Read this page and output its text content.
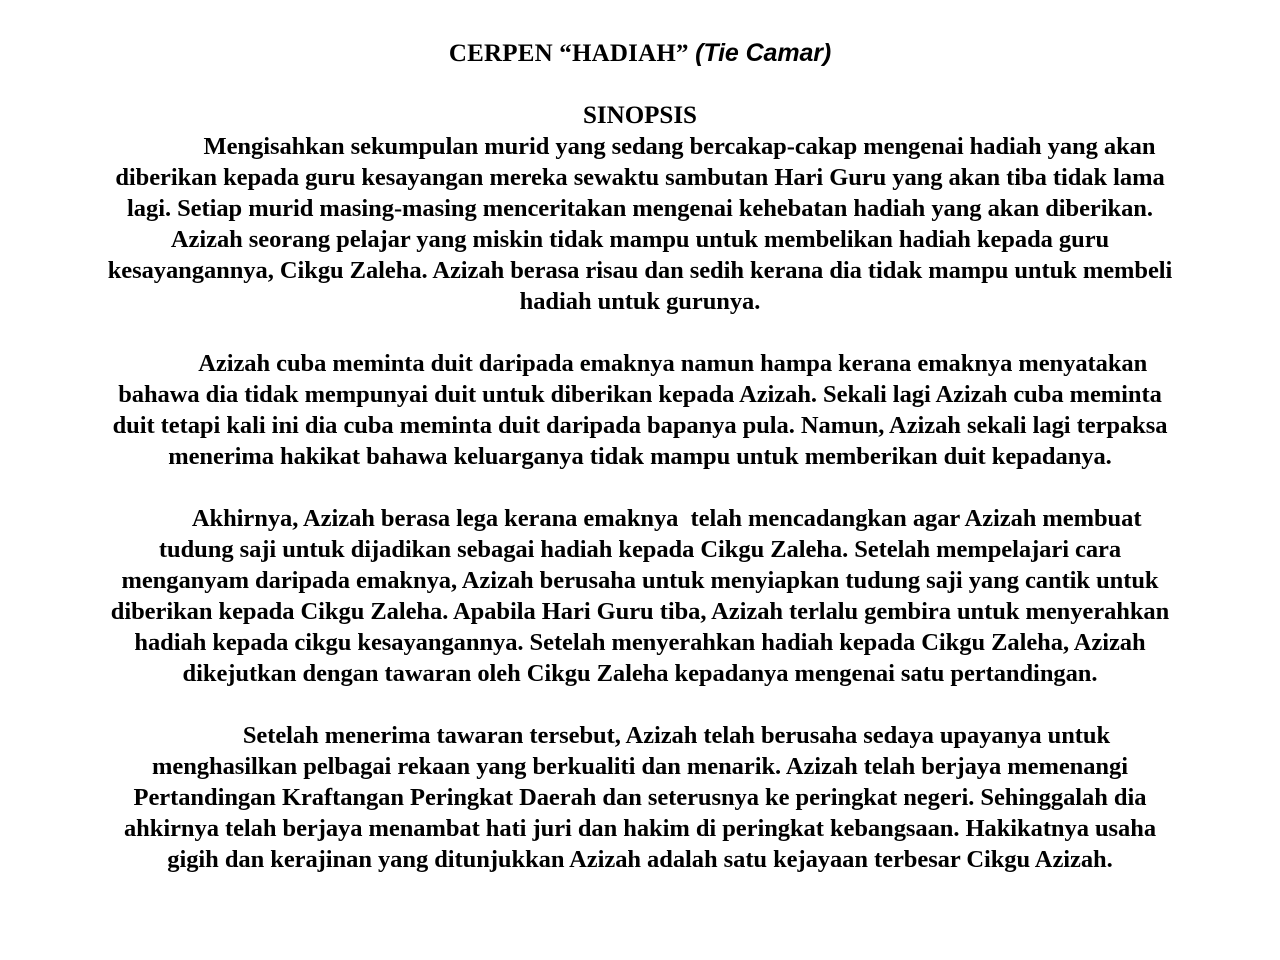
CERPEN “HADIAH” (Tie Camar)
SINOPSIS
Mengisahkan sekumpulan murid yang sedang bercakap-cakap mengenai hadiah yang akan
diberikan kepada guru kesayangan mereka sewaktu sambutan Hari Guru yang akan tiba tidak lama
lagi. Setiap murid masing-masing menceritakan mengenai kehebatan hadiah yang akan diberikan.
Azizah seorang pelajar yang miskin tidak mampu untuk membelikan hadiah kepada guru
kesayangannya, Cikgu Zaleha. Azizah berasa risau dan sedih kerana dia tidak mampu untuk membeli
hadiah untuk gurunya.
Azizah cuba meminta duit daripada emaknya namun hampa kerana emaknya menyatakan
bahawa dia tidak mempunyai duit untuk diberikan kepada Azizah. Sekali lagi Azizah cuba meminta
duit tetapi kali ini dia cuba meminta duit daripada bapanya pula. Namun, Azizah sekali lagi terpaksa
menerima hakikat bahawa keluarganya tidak mampu untuk memberikan duit kepadanya.
Akhirnya, Azizah berasa lega kerana emaknya  telah mencadangkan agar Azizah membuat
tudung saji untuk dijadikan sebagai hadiah kepada Cikgu Zaleha. Setelah mempelajari cara
menganyam daripada emaknya, Azizah berusaha untuk menyiapkan tudung saji yang cantik untuk
diberikan kepada Cikgu Zaleha. Apabila Hari Guru tiba, Azizah terlalu gembira untuk menyerahkan
hadiah kepada cikgu kesayangannya. Setelah menyerahkan hadiah kepada Cikgu Zaleha, Azizah
dikejutkan dengan tawaran oleh Cikgu Zaleha kepadanya mengenai satu pertandingan.
Setelah menerima tawaran tersebut, Azizah telah berusaha sedaya upayanya untuk
menghasilkan pelbagai rekaan yang berkualiti dan menarik. Azizah telah berjaya memenangi
Pertandingan Kraftangan Peringkat Daerah dan seterusnya ke peringkat negeri. Sehinggalah dia
ahkirnya telah berjaya menambat hati juri dan hakim di peringkat kebangsaan. Hakikatnya usaha
gigih dan kerajinan yang ditunjukkan Azizah adalah satu kejayaan terbesar Cikgu Azizah.
